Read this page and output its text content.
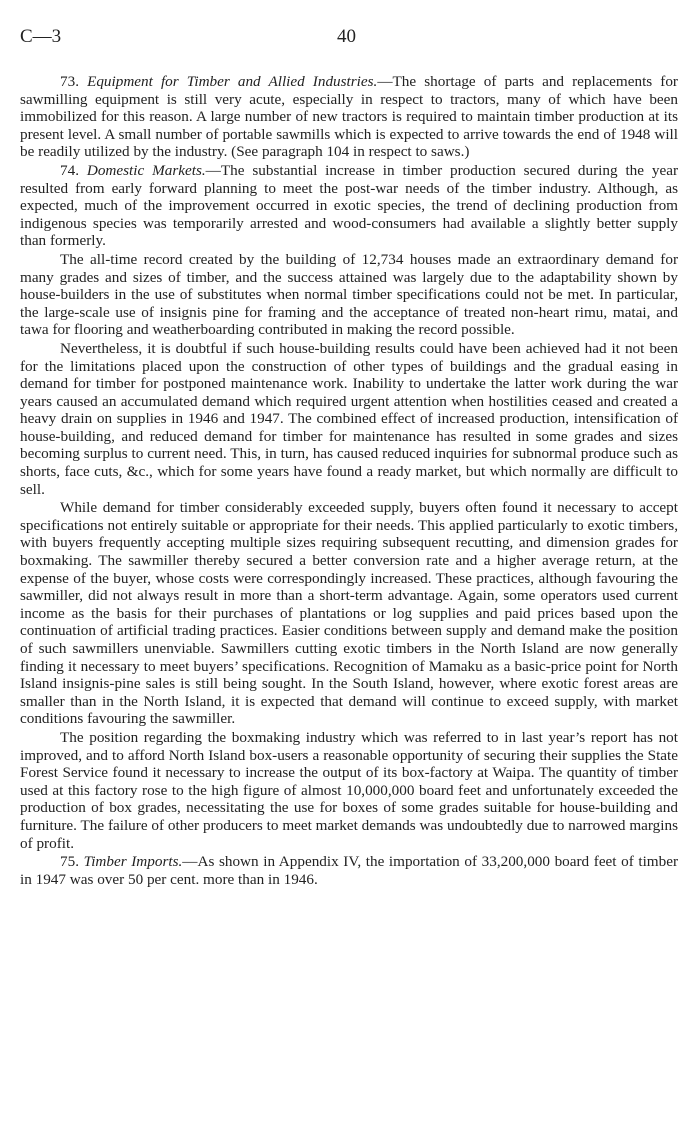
C—3	40

73. Equipment for Timber and Allied Industries.—The shortage of parts and replacements for sawmilling equipment is still very acute, especially in respect to tractors, many of which have been immobilized for this reason. A large number of new tractors is required to maintain timber production at its present level. A small number of portable sawmills which is expected to arrive towards the end of 1948 will be readily utilized by the industry. (See paragraph 104 in respect to saws.)

74. Domestic Markets.—The substantial increase in timber production secured during the year resulted from early forward planning to meet the post-war needs of the timber industry. Although, as expected, much of the improvement occurred in exotic species, the trend of declining production from indigenous species was temporarily arrested and wood-consumers had available a slightly better supply than formerly.

The all-time record created by the building of 12,734 houses made an extraordinary demand for many grades and sizes of timber, and the success attained was largely due to the adaptability shown by house-builders in the use of substitutes when normal timber specifications could not be met. In particular, the large-scale use of insignis pine for framing and the acceptance of treated non-heart rimu, matai, and tawa for flooring and weatherboarding contributed in making the record possible.

Nevertheless, it is doubtful if such house-building results could have been achieved had it not been for the limitations placed upon the construction of other types of buildings and the gradual easing in demand for timber for postponed maintenance work. Inability to undertake the latter work during the war years caused an accumulated demand which required urgent attention when hostilities ceased and created a heavy drain on supplies in 1946 and 1947. The combined effect of increased production, intensification of house-building, and reduced demand for timber for maintenance has resulted in some grades and sizes becoming surplus to current need. This, in turn, has caused reduced inquiries for subnormal produce such as shorts, face cuts, &c., which for some years have found a ready market, but which normally are difficult to sell.

While demand for timber considerably exceeded supply, buyers often found it necessary to accept specifications not entirely suitable or appropriate for their needs. This applied particularly to exotic timbers, with buyers frequently accepting multiple sizes requiring subsequent recutting, and dimension grades for boxmaking. The sawmiller thereby secured a better conversion rate and a higher average return, at the expense of the buyer, whose costs were correspondingly increased. These practices, although favouring the sawmiller, did not always result in more than a short-term advantage. Again, some operators used current income as the basis for their purchases of plantations or log supplies and paid prices based upon the continuation of artificial trading practices. Easier conditions between supply and demand make the position of such sawmillers unenviable. Sawmillers cutting exotic timbers in the North Island are now generally finding it necessary to meet buyers’ specifications. Recognition of Mamaku as a basic-price point for North Island insignis-pine sales is still being sought. In the South Island, however, where exotic forest areas are smaller than in the North Island, it is expected that demand will continue to exceed supply, with market conditions favouring the sawmiller.

The position regarding the boxmaking industry which was referred to in last year’s report has not improved, and to afford North Island box-users a reasonable opportunity of securing their supplies the State Forest Service found it necessary to increase the output of its box-factory at Waipa. The quantity of timber used at this factory rose to the high figure of almost 10,000,000 board feet and unfortunately exceeded the production of box grades, necessitating the use for boxes of some grades suitable for house-building and furniture. The failure of other producers to meet market demands was undoubtedly due to narrowed margins of profit.

75. Timber Imports.—As shown in Appendix IV, the importation of 33,200,000 board feet of timber in 1947 was over 50 per cent. more than in 1946.
